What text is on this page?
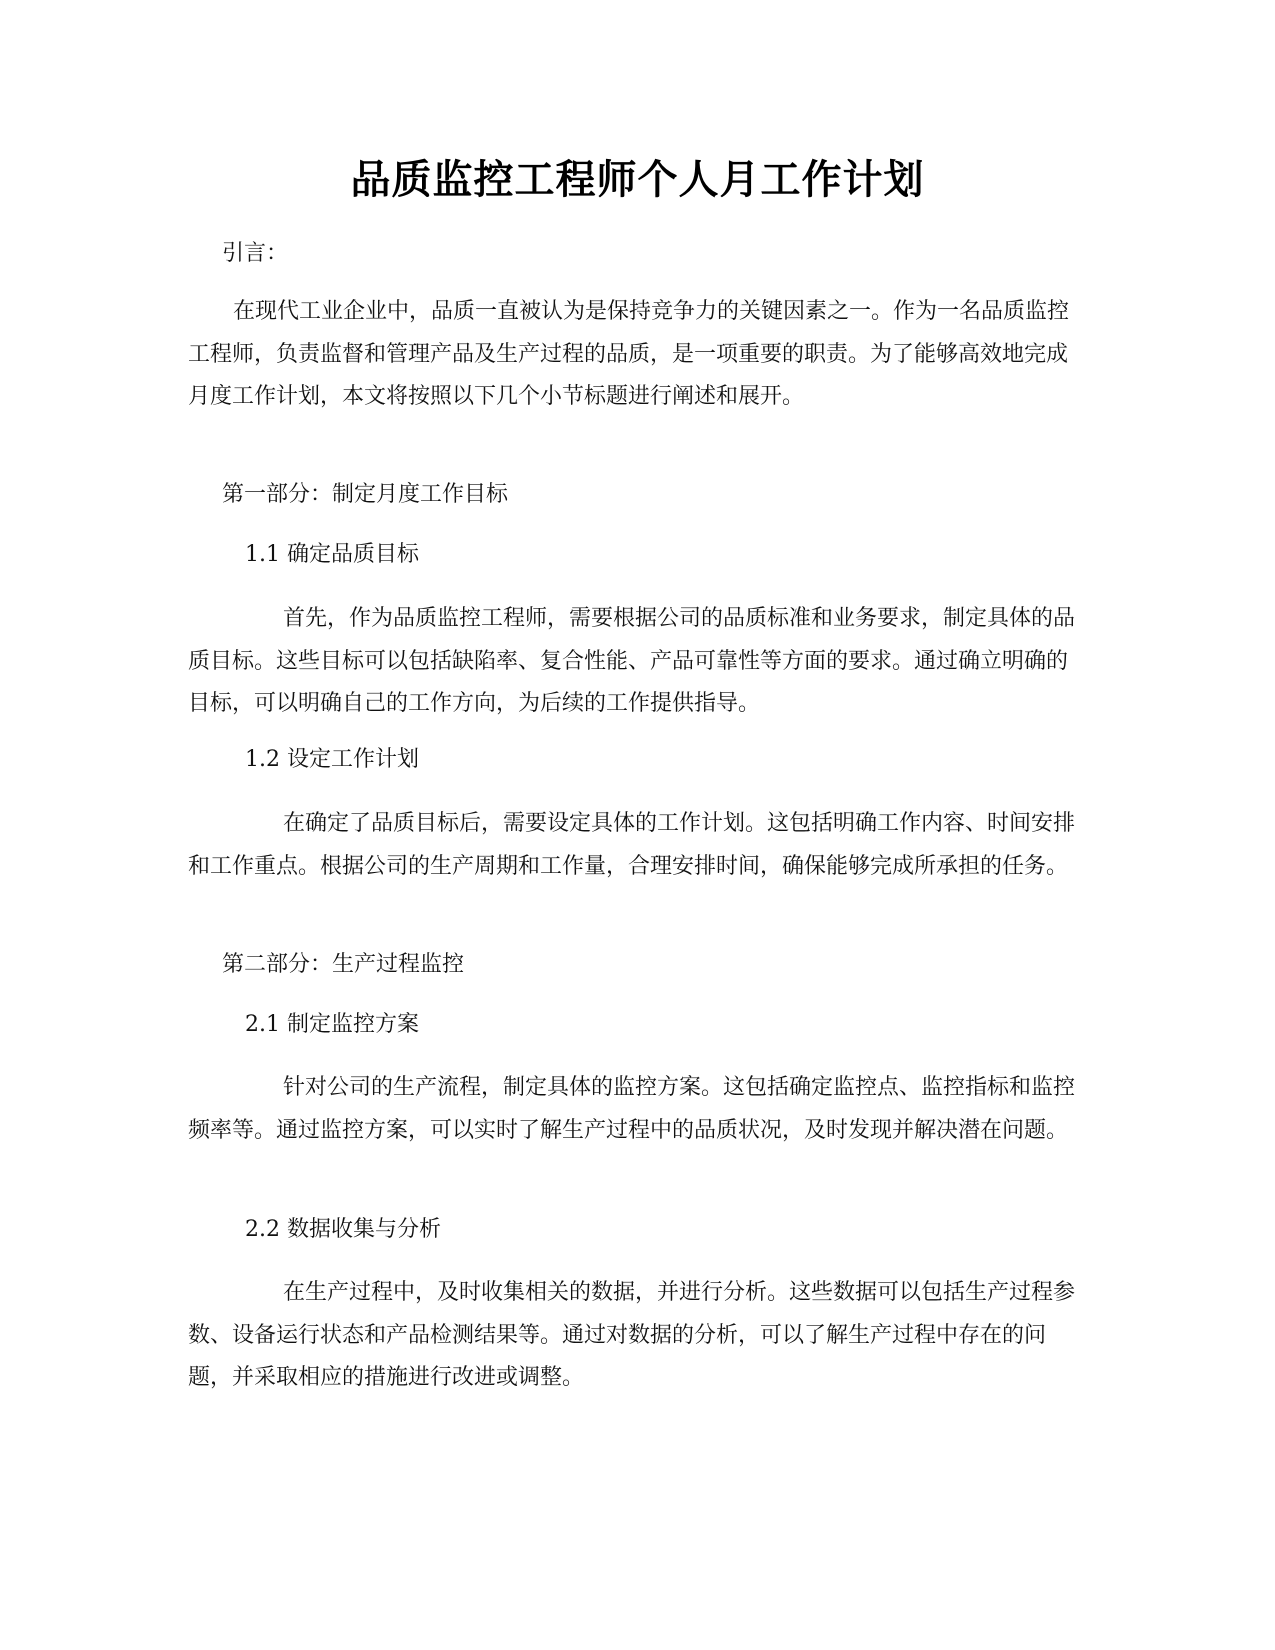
品质监控工程师个人月工作计划

引言：

在现代工业企业中，品质一直被认为是保持竞争力的关键因素之一。作为一名品质监控工程师，负责监督和管理产品及生产过程的品质，是一项重要的职责。为了能够高效地完成月度工作计划，本文将按照以下几个小节标题进行阐述和展开。

第一部分：制定月度工作目标

1.1 确定品质目标

首先，作为品质监控工程师，需要根据公司的品质标准和业务要求，制定具体的品质目标。这些目标可以包括缺陷率、复合性能、产品可靠性等方面的要求。通过确立明确的目标，可以明确自己的工作方向，为后续的工作提供指导。

1.2 设定工作计划

在确定了品质目标后，需要设定具体的工作计划。这包括明确工作内容、时间安排和工作重点。根据公司的生产周期和工作量，合理安排时间，确保能够完成所承担的任务。

第二部分：生产过程监控

2.1 制定监控方案

针对公司的生产流程，制定具体的监控方案。这包括确定监控点、监控指标和监控频率等。通过监控方案，可以实时了解生产过程中的品质状况，及时发现并解决潜在问题。

2.2 数据收集与分析

在生产过程中，及时收集相关的数据，并进行分析。这些数据可以包括生产过程参数、设备运行状态和产品检测结果等。通过对数据的分析，可以了解生产过程中存在的问题，并采取相应的措施进行改进或调整。
